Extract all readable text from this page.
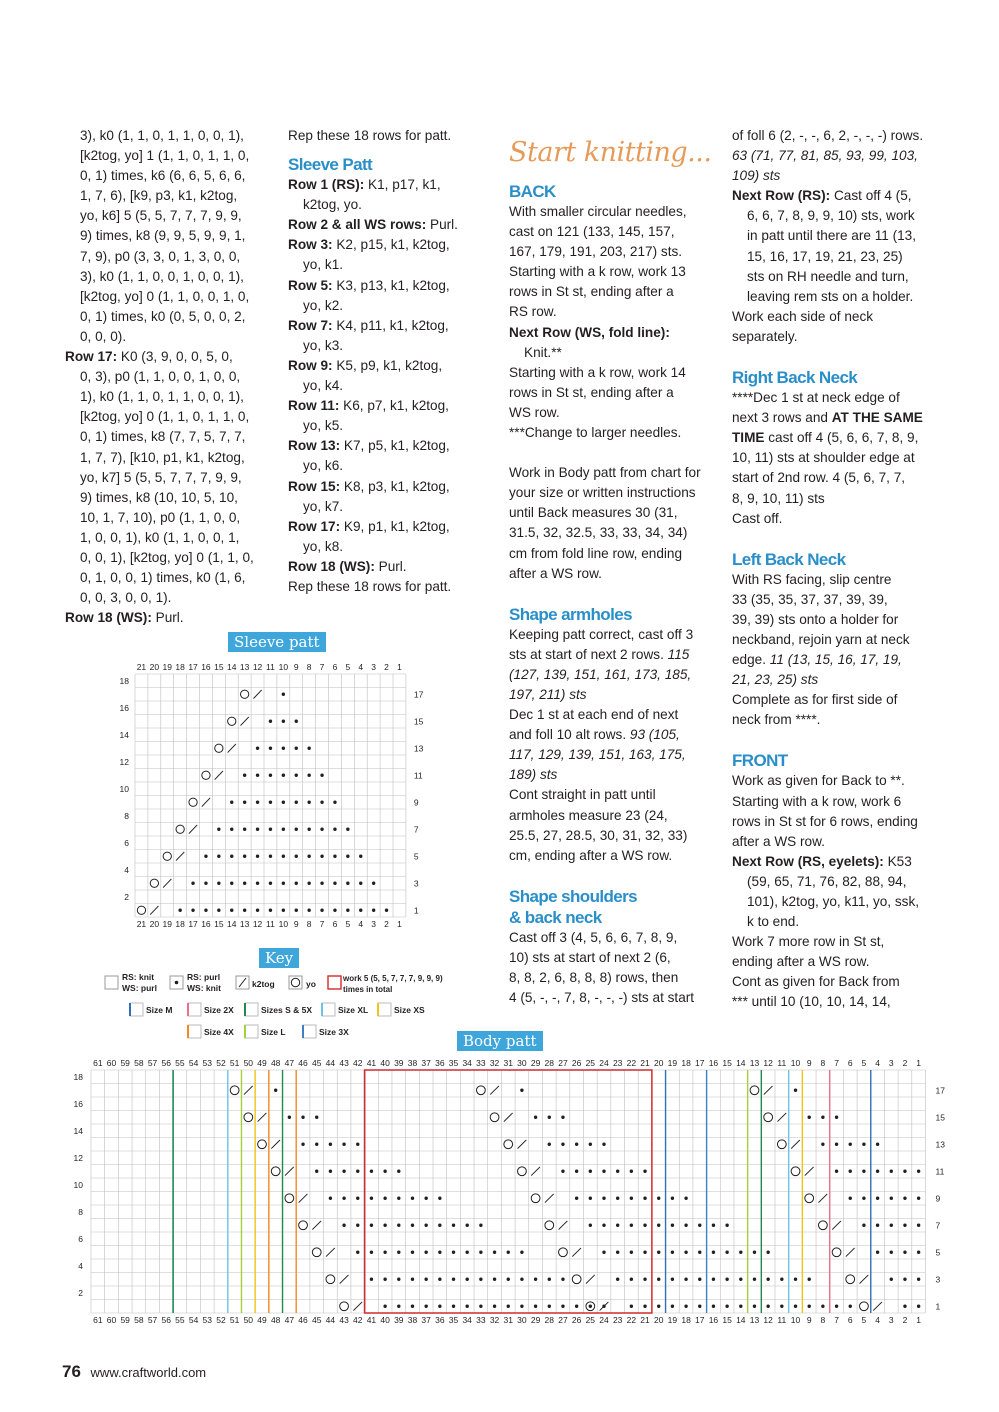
3), k0 (1, 1, 0, 1, 1, 0, 0, 1),

[k2tog, yo] 1 (1, 1, 0, 1, 1, 0,

0, 1) times, k6 (6, 6, 5, 6, 6,

1, 7, 6), [k9, p3, k1, k2tog,

yo, k6] 5 (5, 5, 7, 7, 7, 9, 9,

9) times, k8 (9, 9, 5, 9, 9, 1,

7, 9), p0 (3, 3, 0, 1, 3, 0, 0,

3), k0 (1, 1, 0, 0, 1, 0, 0, 1),

[k2tog, yo] 0 (1, 1, 0, 0, 1, 0,

0, 1) times, k0 (0, 5, 0, 0, 2,

0, 0, 0).

Row 17: K0 (3, 9, 0, 0, 5, 0,

0, 3), p0 (1, 1, 0, 0, 1, 0, 0,

1), k0 (1, 1, 0, 1, 1, 0, 0, 1),

[k2tog, yo] 0 (1, 1, 0, 1, 1, 0,

0, 1) times, k8 (7, 7, 5, 7, 7,

1, 7, 7), [k10, p1, k1, k2tog,

yo, k7] 5 (5, 5, 7, 7, 7, 9, 9,

9) times, k8 (10, 10, 5, 10,

10, 1, 7, 10), p0 (1, 1, 0, 0,

1, 0, 0, 1), k0 (1, 1, 0, 0, 1,

0, 0, 1), [k2tog, yo] 0 (1, 1, 0,

0, 1, 0, 0, 1) times, k0 (1, 6,

0, 0, 3, 0, 0, 1).

Row 18 (WS): Purl.

Rep these 18 rows for patt.

Sleeve Patt

Row 1 (RS): K1, p17, k1,

k2tog, yo.

Row 2 & all WS rows: Purl.

Row 3: K2, p15, k1, k2tog,

yo, k1.

Row 5: K3, p13, k1, k2tog,

yo, k2.

Row 7: K4, p11, k1, k2tog,

yo, k3.

Row 9: K5, p9, k1, k2tog,

yo, k4.

Row 11: K6, p7, k1, k2tog,

yo, k5.

Row 13: K7, p5, k1, k2tog,

yo, k6.

Row 15: K8, p3, k1, k2tog,

yo, k7.

Row 17: K9, p1, k1, k2tog,

yo, k8.

Row 18 (WS): Purl.

Rep these 18 rows for patt.

Start knitting...

BACK

With smaller circular needles,

cast on 121 (133, 145, 157,

167, 179, 191, 203, 217) sts.

Starting with a k row, work 13

rows in St st, ending after a

RS row.

Next Row (WS, fold line):

Knit.**

Starting with a k row, work 14

rows in St st, ending after a

WS row.

***Change to larger needles.

Work in Body patt from chart for

your size or written instructions

until Back measures 30 (31,

31.5, 32, 32.5, 33, 33, 34, 34)

cm from fold line row, ending

after a WS row.

Shape armholes

Keeping patt correct, cast off 3

sts at start of next 2 rows. 115

(127, 139, 151, 161, 173, 185,

197, 211) sts

Dec 1 st at each end of next

and foll 10 alt rows. 93 (105,

117, 129, 139, 151, 163, 175,

189) sts

Cont straight in patt until

armholes measure 23 (24,

25.5, 27, 28.5, 30, 31, 32, 33)

cm, ending after a WS row.

Shape shoulders
& back neck

Cast off 3 (4, 5, 6, 6, 7, 8, 9,

10) sts at start of next 2 (6,

8, 8, 2, 6, 8, 8, 8) rows, then

4 (5, -, -, 7, 8, -, -, -) sts at start

of foll 6 (2, -, -, 6, 2, -, -, -) rows.

63 (71, 77, 81, 85, 93, 99, 103,

109) sts

Next Row (RS): Cast off 4 (5,

6, 6, 7, 8, 9, 9, 10) sts, work

in patt until there are 11 (13,

15, 16, 17, 19, 21, 23, 25)

sts on RH needle and turn,

leaving rem sts on a holder.

Work each side of neck

separately.

Right Back Neck

****Dec 1 st at neck edge of

next 3 rows and AT THE SAME

TIME cast off 4 (5, 6, 6, 7, 8, 9,

10, 11) sts at shoulder edge at

start of 2nd row. 4 (5, 6, 7, 7,

8, 9, 10, 11) sts

Cast off.

Left Back Neck

With RS facing, slip centre

33 (35, 35, 37, 37, 39, 39,

39, 39) sts onto a holder for

neckband, rejoin yarn at neck

edge. 11 (13, 15, 16, 17, 19,

21, 23, 25) sts

Complete as for first side of

neck from ****.

FRONT

Work as given for Back to **.

Starting with a k row, work 6

rows in St st for 6 rows, ending

after a WS row.

Next Row (RS, eyelets): K53

(59, 65, 71, 76, 82, 88, 94,

101), k2tog, yo, k11, yo, ssk,

k to end.

Work 7 more row in St st,

ending after a WS row.

Cont as given for Back from

*** until 10 (10, 10, 14, 14,

Sleeve patt
21
21
20
20
19
19
18
18
17
17
16
16
15
15
14
14
13
13
12
12
11
11
10
10
9
9
8
8
7
7
6
6
5
5
4
4
3
3
2
2
1
1
1
2
3
4
5
6
7
8
9
10
11
12
13
14
15
16
17
18
Key
RS: knit
WS: purl
RS: purl
WS: knit	k2tog	yo
work 5 (5, 5, 7, 7, 7, 9, 9, 9)
times in total
Size M	Size 2X	Sizes S & 5X	Size XL	Size XS
Size 4X	Size L	Size 3X	Body patt
61
61
60
60
59
59
58
58
57
57
56
56
55
55
54
54
53
53
52
52
51
51
50
50
49
49
48
48
47
47
46
46
45
45
44
44
43
43
42
42
41
41
40
40
39
39
38
38
37
37
36
36
35
35
34
34
33
33
32
32
31
31
30
30
29
29
28
28
27
27
26
26
25
25
24
24
23
23
22
22
21
21
20
20
19
19
18
18
17
17
16
16
15
15
14
14
13
13
12
12
11
11
10
10
9
9
8
8
7
7
6
6
5
5
4
4
3
3
2
2
1
1
1
2
3
4
5
6
7
8
9
10
11
12
13
14
15
16
17
18
76 www.craftworld.com
